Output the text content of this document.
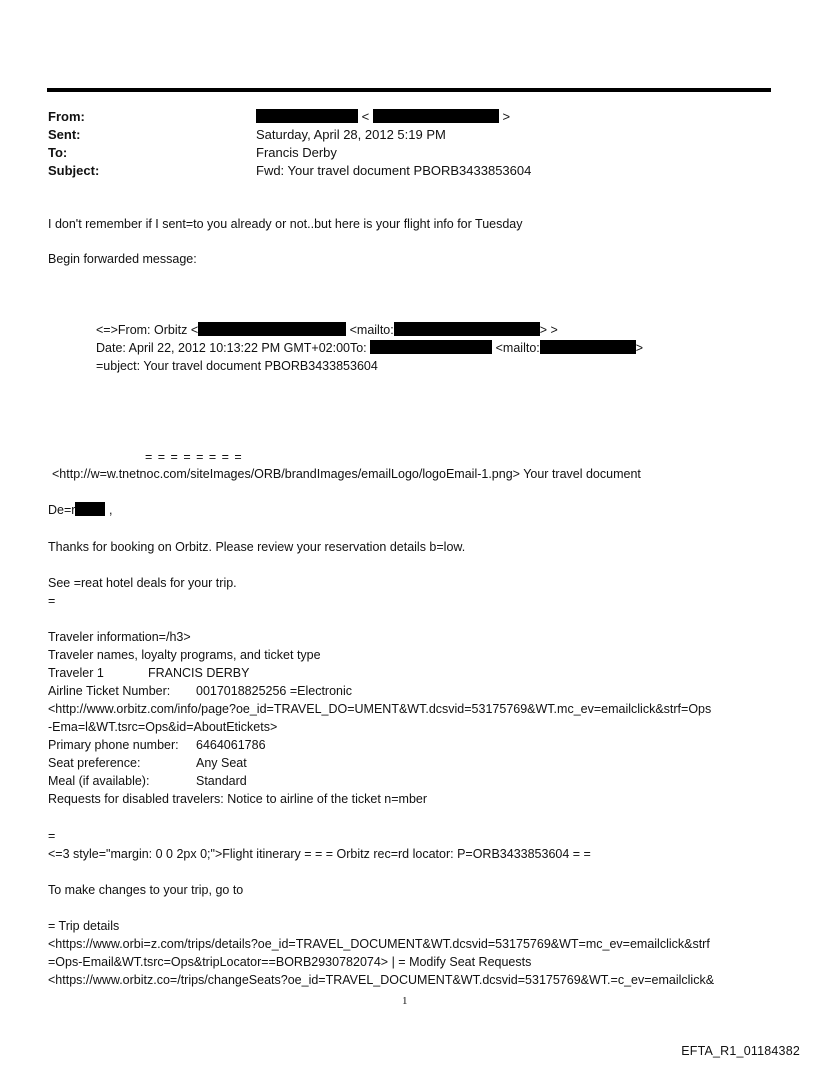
From:	<	>
Sent:	Saturday, April 28, 2012 5:19 PM
To:	Francis Derby
Subject:	Fwd: Your travel document PBORB3433853604
I don't remember if I sent=to you already or not..but here is your flight info for Tuesday
Begin forwarded message:
<=>From: Orbitz <	<mailto:	> >
Date: April 22, 2012 10:13:22 PM GMT+02:00To:	<mailto:	>
=ubject: Your travel document PBORB3433853604
= = = = = = = =
<http://w=w.tnetnoc.com/siteImages/ORB/brandImages/emailLogo/logoEmail-1.png> Your travel document
De=r	,
Thanks for booking on Orbitz. Please review your reservation details b=low.
See =reat hotel deals for your trip.
=
Traveler information=/h3>
Traveler names, loyalty programs, and ticket type
Traveler 1	FRANCIS DERBY
Airline Ticket Number: 0017018825256 =Electronic
<http://www.orbitz.com/info/page?oe_id=TRAVEL_DO=UMENT&WT.dcsvid=53175769&WT.mc_ev=emailclick&strf=Ops
-Ema=l&WT.tsrc=Ops&id=AboutEtickets>
Primary phone number: 6464061786
Seat preference:	Any Seat
Meal (if available):	Standard
Requests for disabled travelers: Notice to airline of the ticket n=mber
=
<=3 style="margin: 0 0 2px 0;">Flight itinerary = = = Orbitz rec=rd locator: P=ORB3433853604 = =
To make changes to your trip, go to
= Trip details
<https://www.orbi=z.com/trips/details?oe_id=TRAVEL_DOCUMENT&WT.dcsvid=53175769&WT=mc_ev=emailclick&strf
=Ops-Email&WT.tsrc=Ops&tripLocator==BORB2930782074> | = Modify Seat Requests
<https://www.orbitz.co=/trips/changeSeats?oe_id=TRAVEL_DOCUMENT&WT.dcsvid=53175769&WT.=c_ev=emailclick&
1
EFTA_R1_01184382
